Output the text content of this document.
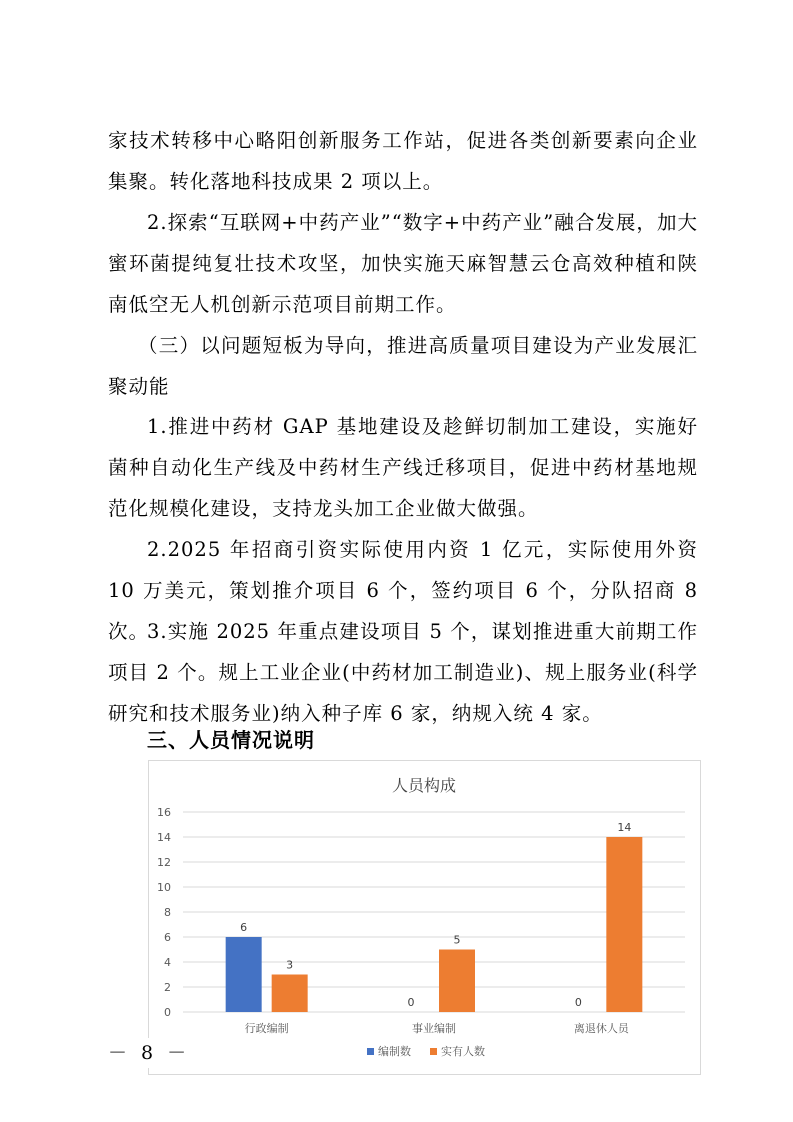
家技术转移中心略阳创新服务工作站，促进各类创新要素向企业集聚。转化落地科技成果 2 项以上。

2.探索“互联网+中药产业”“数字+中药产业”融合发展，加大蜜环菌提纯复壮技术攻坚，加快实施天麻智慧云仓高效种植和陕南低空无人机创新示范项目前期工作。

（三）以问题短板为导向，推进高质量项目建设为产业发展汇聚动能

1.推进中药材 GAP 基地建设及趁鲜切制加工建设，实施好菌种自动化生产线及中药材生产线迁移项目，促进中药材基地规范化规模化建设，支持龙头加工企业做大做强。

2.2025 年招商引资实际使用内资 1 亿元，实际使用外资 10 万美元，策划推介项目 6 个，签约项目 6 个，分队招商 8 次。

3.实施 2025 年重点建设项目 5 个，谋划推进重大前期工作项目 2 个。规上工业企业(中药材加工制造业)、规上服务业(科学研究和技术服务业)纳入种子库 6 家，纳规入统 4 家。

三、人员情况说明
人员构成
0
2
4
6
8
10
12
14
16
6
0	0
3
5
14
行政编制	事业编制	离退休人员
编制数	实有人数
－ 8 －
